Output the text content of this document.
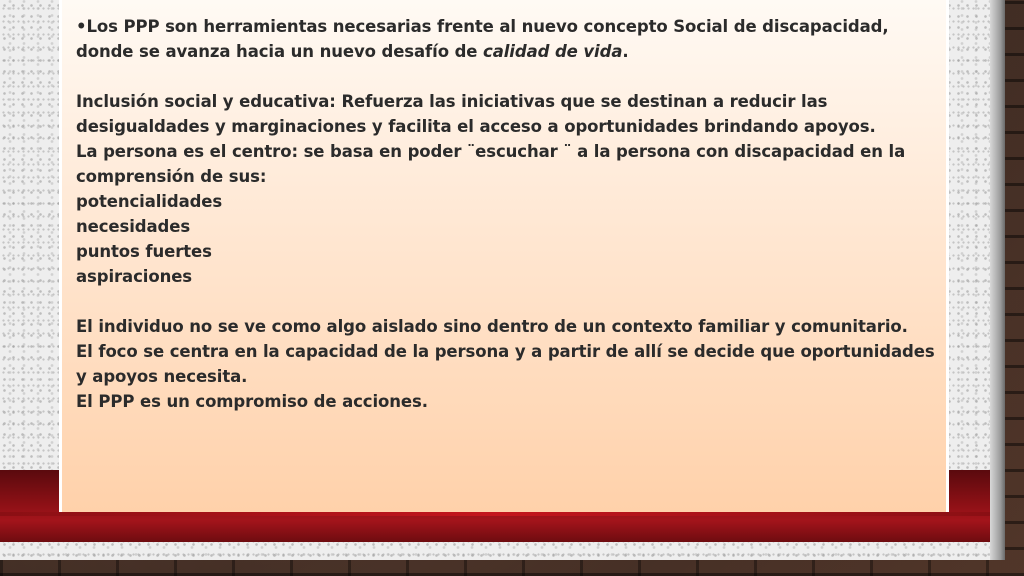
•Los PPP son herramientas necesarias frente al nuevo concepto Social de discapacidad, donde se avanza hacia un nuevo desafío de calidad de vida.

Inclusión social y educativa: Refuerza las iniciativas que se destinan a reducir las desigualdades y marginaciones y facilita el acceso a oportunidades brindando apoyos.

La persona es el centro: se basa en poder ¨escuchar ¨ a la persona con discapacidad en la comprensión de sus:

potencialidades

necesidades

puntos fuertes

aspiraciones

El individuo no se ve como algo aislado sino dentro de un contexto familiar y comunitario.

El foco se centra en la capacidad de la persona y a partir de allí se decide que oportunidades y apoyos necesita.

El PPP es un compromiso de acciones.
